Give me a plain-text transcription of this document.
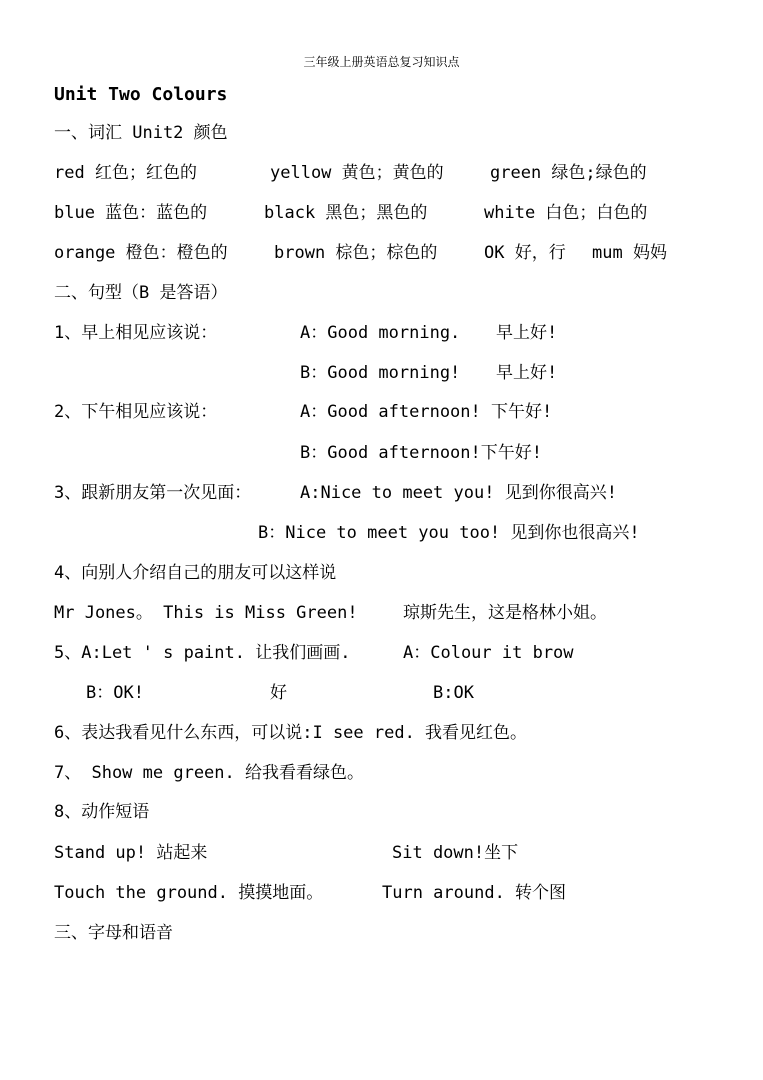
三年级上册英语总复习知识点
Unit Two Colours
一、词汇 Unit2 颜色
red 红色；红色的	yellow 黄色；黄色的	green 绿色;绿色的
blue 蓝色：蓝色的	black 黑色；黑色的	white 白色；白色的
orange 橙色：橙色的	brown 棕色；棕色的	OK 好，行 mum 妈妈
二、句型（B 是答语）
1、早上相见应该说：	A：Good morning. 早上好!
B：Good morning! 早上好!
2、下午相见应该说：	A：Good afternoon! 下午好!
B：Good afternoon!下午好!
3、跟新朋友第一次见面：	A:Nice to meet you! 见到你很高兴!
B：Nice to meet you too! 见到你也很高兴!
4、向别人介绍自己的朋友可以这样说
Mr Jones。 This is Miss Green!	琼斯先生，这是格林小姐。
5、A:Let ' s paint. 让我们画画.	A：Colour it brow
B：OK!	好	B:OK
6、表达我看见什么东西，可以说:I see red. 我看见红色。
7、 Show me green. 给我看看绿色。
8、动作短语
Stand up! 站起来	Sit down!坐下
Touch the ground. 摸摸地面。	Turn around. 转个图
三、字母和语音
